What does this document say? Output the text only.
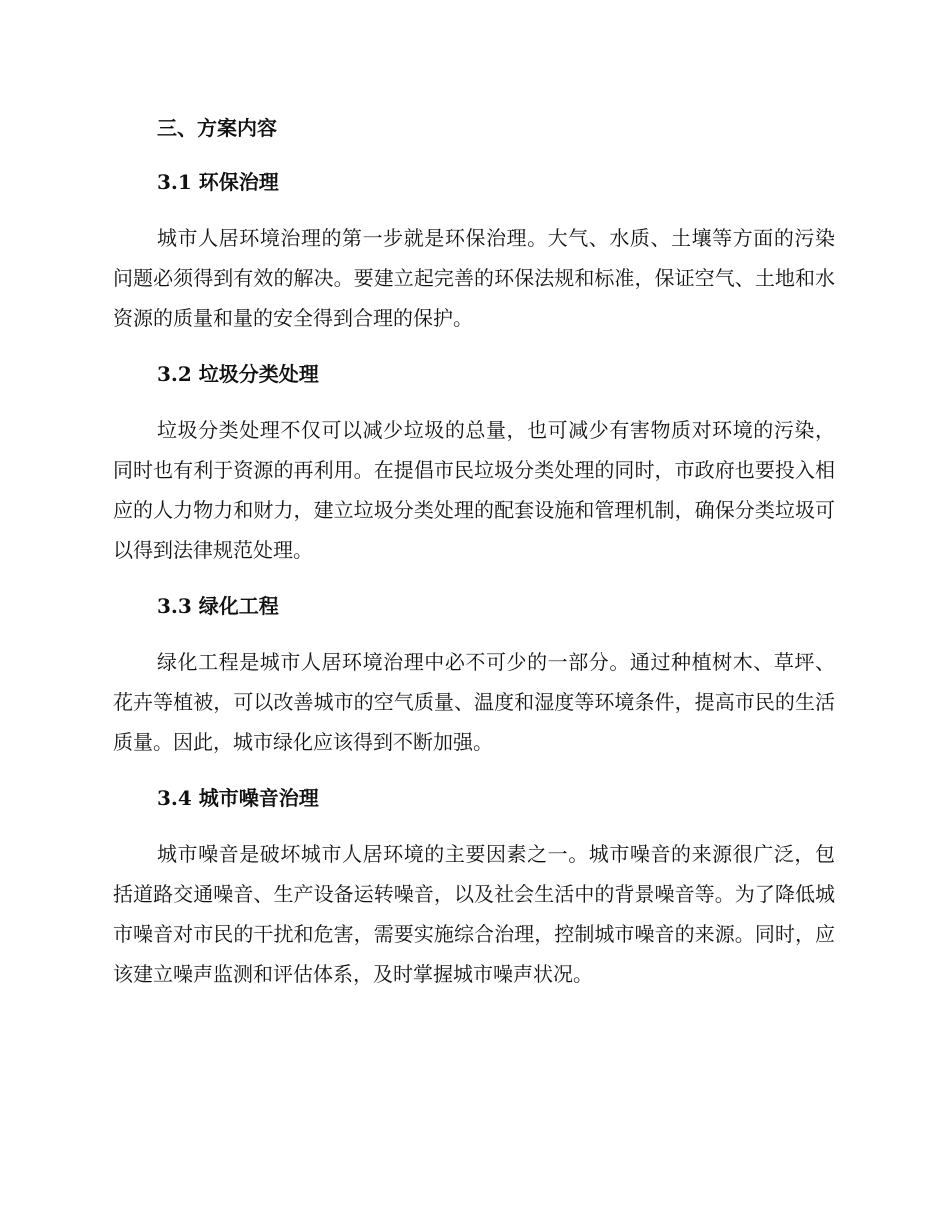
三、方案内容
3.1 环保治理

城市人居环境治理的第一步就是环保治理。大气、水质、土壤等方面的污染问题必须得到有效的解决。要建立起完善的环保法规和标准，保证空气、土地和水资源的质量和量的安全得到合理的保护。

3.2 垃圾分类处理

垃圾分类处理不仅可以减少垃圾的总量，也可减少有害物质对环境的污染，同时也有利于资源的再利用。在提倡市民垃圾分类处理的同时，市政府也要投入相应的人力物力和财力，建立垃圾分类处理的配套设施和管理机制，确保分类垃圾可以得到法律规范处理。

3.3 绿化工程

绿化工程是城市人居环境治理中必不可少的一部分。通过种植树木、草坪、花卉等植被，可以改善城市的空气质量、温度和湿度等环境条件，提高市民的生活质量。因此，城市绿化应该得到不断加强。

3.4 城市噪音治理

城市噪音是破坏城市人居环境的主要因素之一。城市噪音的来源很广泛，包括道路交通噪音、生产设备运转噪音，以及社会生活中的背景噪音等。为了降低城市噪音对市民的干扰和危害，需要实施综合治理，控制城市噪音的来源。同时，应该建立噪声监测和评估体系，及时掌握城市噪声状况。
